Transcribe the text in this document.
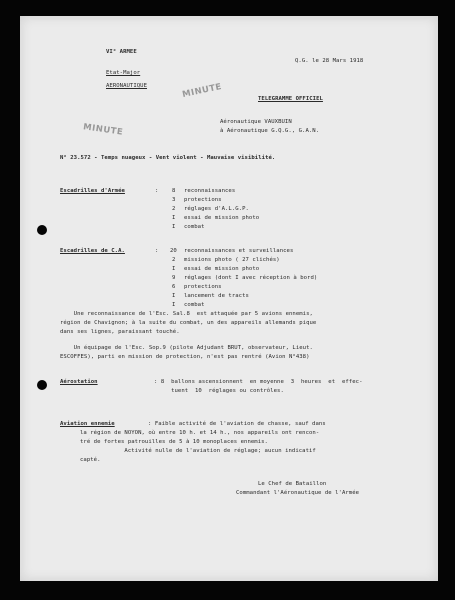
VI° ARMEE
Etat-Major
AERONAUTIQUE
Q.G. le 28 Mars 1918
TELEGRAMME OFFICIEL
MINUTE
MINUTE
Aéronautique VAUXBUIN
à Aéronautique G.Q.G., G.A.N.
N° 23.572 - Temps nuageux - Vent violent - Mauvaise visibilité.
Escadrilles d'Armée	: 8 reconnaissances
3 protections
2 réglages d'A.L.G.P.
I essai de mission photo
I combat
Escadrilles de C.A.	: 20 reconnaissances et surveillances
2 missions photo ( 27 clichés)
I essai de mission photo
9 réglages (dont I avec réception à bord)
6 protections
I lancement de tracts
I combat
Une reconnaissance de l'Esc. Sal.8  est attaquée par 5 avions ennemis,
région de Chavignon; à la suite du combat, un des appareils allemands pique
dans ses lignes, paraissant touché.
Un équipage de l'Esc. Sop.9 (pilote Adjudant BRUT, observateur, Lieut.
ESCOFFES), parti en mission de protection, n'est pas rentré (Avion N°438)
Aérostation	: 8  ballons ascensionnent  en moyenne  3  heures  et  effec-
tuent  10  réglages ou contrôles.
Aviation ennemie	: Faible activité de l'aviation de chasse, sauf dans
la région de NOYON, où entre 10 h. et 14 h., nos appareils ont rencon-
tré de fortes patrouilles de 5 à 10 monoplaces ennemis.
Activité nulle de l'aviation de réglage; aucun indicatif
capté.
Le Chef de Bataillon
Commandant l'Aéronautique de l'Armée
